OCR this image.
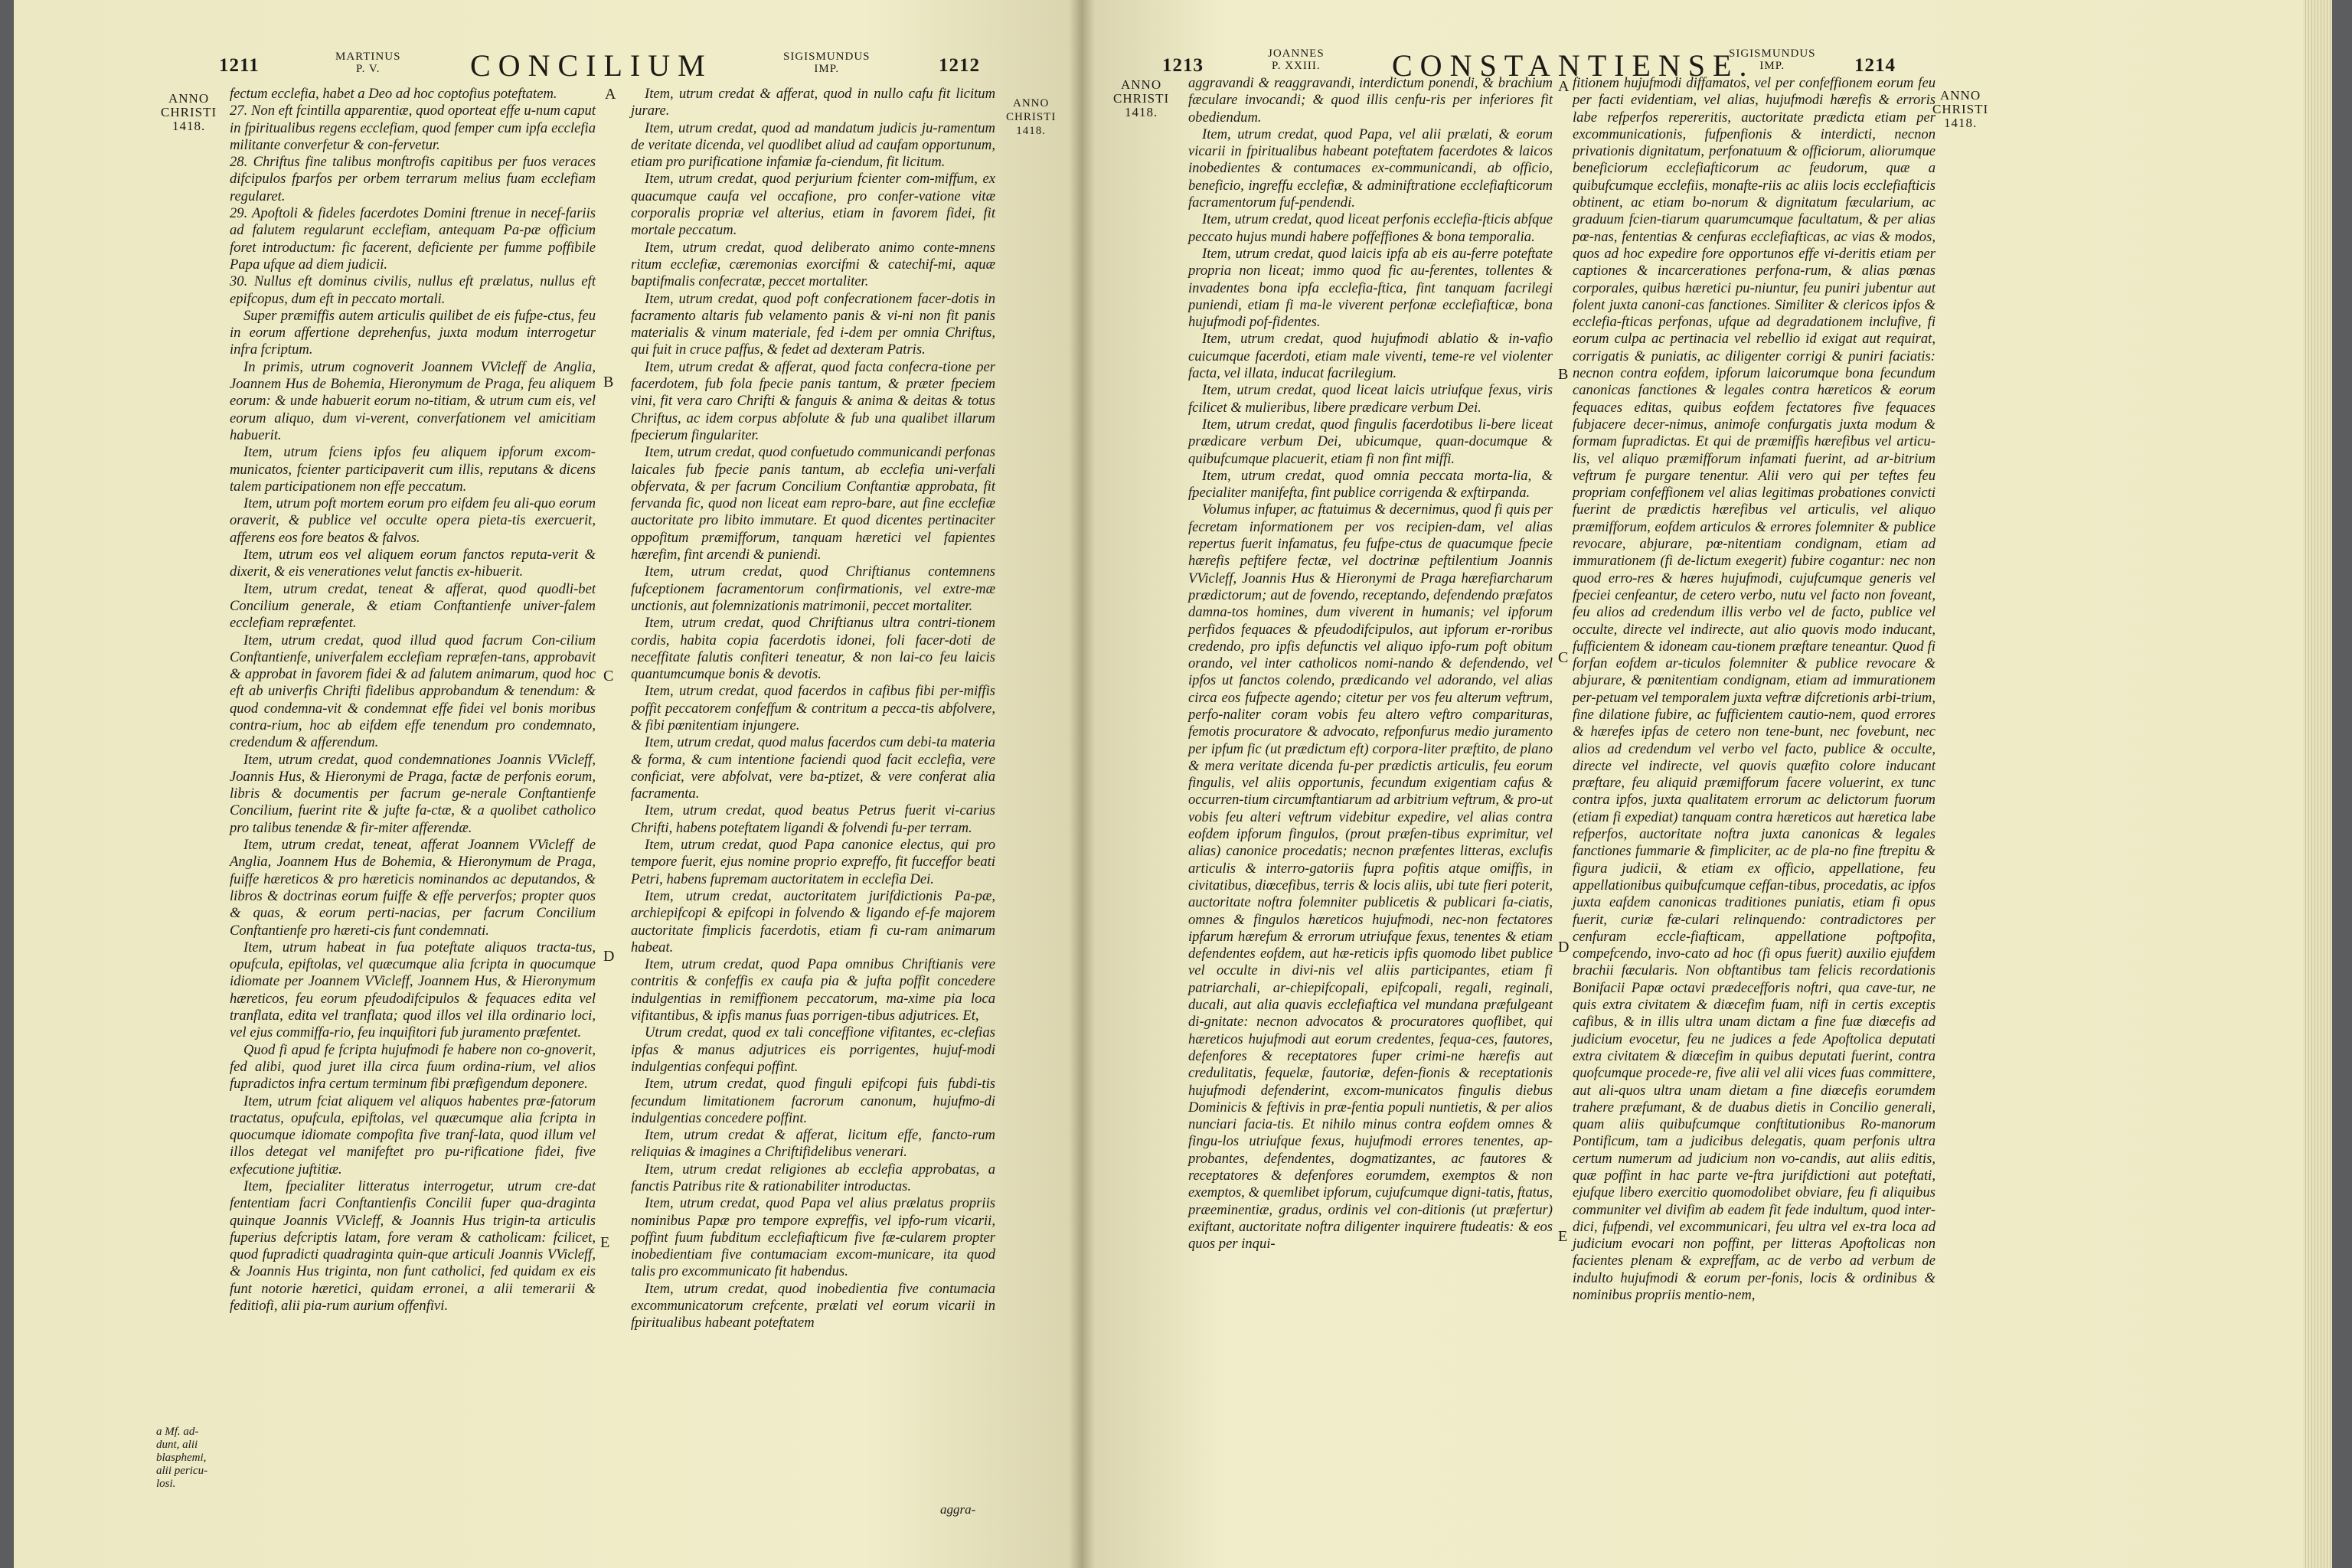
1211	MARTINUS
P. V.	CONCILIUM	SIGISMUNDUS
IMP.	1212
ANNO
CHRISTI
1418.
ANNO
CHRISTI
1418.

fectum ecclefia, habet a Deo ad hoc coptofius poteftatem.

27. Non eft fcintilla apparentiæ, quod oporteat effe u-num caput in fpiritualibus regens ecclefiam, quod femper cum ipfa ecclefia militante converfetur & con-fervetur.

28. Chriftus fine talibus monftrofis capitibus per fuos veraces difcipulos fparfos per orbem terrarum melius fuam ecclefiam regularet.

29. Apoftoli & fideles facerdotes Domini ftrenue in necef-fariis ad falutem regularunt ecclefiam, antequam Pa-pæ officium foret introductum: fic facerent, deficiente per fumme poffibile Papa ufque ad diem judicii.

30. Nullus eft dominus civilis, nullus eft prælatus, nullus eft epifcopus, dum eft in peccato mortali.

Super præmiffis autem articulis quilibet de eis fufpe-ctus, feu in eorum affertione deprehenfus, juxta modum interrogetur infra fcriptum.

In primis, utrum cognoverit Joannem VVicleff de Anglia, Joannem Hus de Bohemia, Hieronymum de Praga, feu aliquem eorum: & unde habuerit eorum no-titiam, & utrum cum eis, vel eorum aliquo, dum vi-verent, converfationem vel amicitiam habuerit.

Item, utrum fciens ipfos feu aliquem ipforum excom-municatos, fcienter participaverit cum illis, reputans & dicens talem participationem non effe peccatum.

Item, utrum poft mortem eorum pro eifdem feu ali-quo eorum oraverit, & publice vel occulte opera pieta-tis exercuerit, afferens eos fore beatos & falvos.

Item, utrum eos vel aliquem eorum fanctos reputa-verit & dixerit, & eis venerationes velut fanctis ex-hibuerit.

Item, utrum credat, teneat & afferat, quod quodli-bet Concilium generale, & etiam Conftantienfe univer-falem ecclefiam repræfentet.

Item, utrum credat, quod illud quod facrum Con-cilium Conftantienfe, univerfalem ecclefiam repræfen-tans, approbavit & approbat in favorem fidei & ad falutem animarum, quod hoc eft ab univerfis Chrifti fidelibus approbandum & tenendum: & quod condemna-vit & condemnat effe fidei vel bonis moribus contra-rium, hoc ab eifdem effe tenendum pro condemnato, credendum & afferendum.

Item, utrum credat, quod condemnationes Joannis VVicleff, Joannis Hus, & Hieronymi de Praga, factæ de perfonis eorum, libris & documentis per facrum ge-nerale Conftantienfe Concilium, fuerint rite & jufte fa-ctæ, & a quolibet catholico pro talibus tenendæ & fir-miter afferendæ.

Item, utrum credat, teneat, afferat Joannem VVicleff de Anglia, Joannem Hus de Bohemia, & Hieronymum de Praga, fuiffe hæreticos & pro hæreticis nominandos ac deputandos, & libros & doctrinas eorum fuiffe & effe perverfos; propter quos & quas, & eorum perti-nacias, per facrum Concilium Conftantienfe pro hæreti-cis funt condemnati.

Item, utrum habeat in fua poteftate aliquos tracta-tus, opufcula, epiftolas, vel quæcumque alia fcripta in quocumque idiomate per Joannem VVicleff, Joannem Hus, & Hieronymum hæreticos, feu eorum pfeudodifcipulos & fequaces edita vel tranflata, edita vel tranflata; quod illos vel illa ordinario loci, vel ejus commiffa-rio, feu inquifitori fub juramento præfentet.

Quod fi apud fe fcripta hujufmodi fe habere non co-gnoverit, fed alibi, quod juret illa circa fuum ordina-rium, vel alios fupradictos infra certum terminum fibi præfigendum deponere.

Item, utrum fciat aliquem vel aliquos habentes præ-fatorum tractatus, opufcula, epiftolas, vel quæcumque alia fcripta in quocumque idiomate compofita five tranf-lata, quod illum vel illos detegat vel manifeftet pro pu-rificatione fidei, five exfecutione juftitiæ.

Item, fpecialiter litteratus interrogetur, utrum cre-dat fententiam facri Conftantienfis Concilii fuper qua-draginta quinque Joannis VVicleff, & Joannis Hus trigin-ta articulis fuperius defcriptis latam, fore veram & catholicam: fcilicet, quod fupradicti quadraginta quin-que articuli Joannis VVicleff, & Joannis Hus triginta, non funt catholici, fed quidam ex eis funt notorie hæretici, quidam erronei, a alii temerarii & feditiofi, alii pia-rum aurium offenfivi.

A
B
C
D
E

Item, utrum credat & afferat, quod in nullo cafu fit licitum jurare.

Item, utrum credat, quod ad mandatum judicis ju-ramentum de veritate dicenda, vel quodlibet aliud ad caufam opportunum, etiam pro purificatione infamiæ fa-ciendum, fit licitum.

Item, utrum credat, quod perjurium fcienter com-miffum, ex quacumque caufa vel occafione, pro confer-vatione vitæ corporalis propriæ vel alterius, etiam in favorem fidei, fit mortale peccatum.

Item, utrum credat, quod deliberato animo conte-mnens ritum ecclefiæ, cæremonias exorcifmi & catechif-mi, aquæ baptifmalis confecratæ, peccet mortaliter.

Item, utrum credat, quod poft confecrationem facer-dotis in facramento altaris fub velamento panis & vi-ni non fit panis materialis & vinum materiale, fed i-dem per omnia Chriftus, qui fuit in cruce paffus, & fedet ad dexteram Patris.

Item, utrum credat & afferat, quod facta confecra-tione per facerdotem, fub fola fpecie panis tantum, & præter fpeciem vini, fit vera caro Chrifti & fanguis & anima & deitas & totus Chriftus, ac idem corpus abfolute & fub una qualibet illarum fpecierum fingulariter.

Item, utrum credat, quod confuetudo communicandi perfonas laicales fub fpecie panis tantum, ab ecclefia uni-verfali obfervata, & per facrum Concilium Conftantiæ approbata, fit fervanda fic, quod non liceat eam repro-bare, aut fine ecclefiæ auctoritate pro libito immutare. Et quod dicentes pertinaciter oppofitum præmifforum, tanquam hæretici vel fapientes hærefim, fint arcendi & puniendi.

Item, utrum credat, quod Chriftianus contemnens fufceptionem facramentorum confirmationis, vel extre-mæ unctionis, aut folemnizationis matrimonii, peccet mortaliter.

Item, utrum credat, quod Chriftianus ultra contri-tionem cordis, habita copia facerdotis idonei, foli facer-doti de neceffitate falutis confiteri teneatur, & non lai-co feu laicis quantumcumque bonis & devotis.

Item, utrum credat, quod facerdos in cafibus fibi per-miffis poffit peccatorem confeffum & contritum a pecca-tis abfolvere, & fibi pœnitentiam injungere.

Item, utrum credat, quod malus facerdos cum debi-ta materia & forma, & cum intentione faciendi quod facit ecclefia, vere conficiat, vere abfolvat, vere ba-ptizet, & vere conferat alia facramenta.

Item, utrum credat, quod beatus Petrus fuerit vi-carius Chrifti, habens poteftatem ligandi & folvendi fu-per terram.

Item, utrum credat, quod Papa canonice electus, qui pro tempore fuerit, ejus nomine proprio expreffo, fit fucceffor beati Petri, habens fupremam auctoritatem in ecclefia Dei.

Item, utrum credat, auctoritatem jurifdictionis Pa-pæ, archiepifcopi & epifcopi in folvendo & ligando ef-fe majorem auctoritate fimplicis facerdotis, etiam fi cu-ram animarum habeat.

Item, utrum credat, quod Papa omnibus Chriftianis vere contritis & confeffis ex caufa pia & jufta poffit concedere indulgentias in remiffionem peccatorum, ma-xime pia loca vifitantibus, & ipfis manus fuas porrigen-tibus adjutrices. Et,

Utrum credat, quod ex tali conceffione vifitantes, ec-clefias ipfas & manus adjutrices eis porrigentes, hujuf-modi indulgentias confequi poffint.

Item, utrum credat, quod finguli epifcopi fuis fubdi-tis fecundum limitationem facrorum canonum, hujufmo-di indulgentias concedere poffint.

Item, utrum credat & afferat, licitum effe, fancto-rum reliquias & imagines a Chriftifidelibus venerari.

Item, utrum credat religiones ab ecclefia approbatas, a fanctis Patribus rite & rationabiliter introductas.

Item, utrum credat, quod Papa vel alius prælatus propriis nominibus Papæ pro tempore expreffis, vel ipfo-rum vicarii, poffint fuum fubditum ecclefiafticum five fæ-cularem propter inobedientiam five contumaciam excom-municare, ita quod talis pro excommunicato fit habendus.

Item, utrum credat, quod inobedientia five contumacia excommunicatorum crefcente, prælati vel eorum vicarii in fpiritualibus habeant poteftatem

a Mf. ad-
dunt, alii
blasphemi,
alii pericu-
losi.
aggra-
1213
JOANNES
P. XXIII. CONSTANTIENSE.
SIGISMUNDUS
IMP.	1214
ANNO
CHRISTI
1418.
ANNO
CHRISTI
1418.

aggravandi & reaggravandi, interdictum ponendi, & brachium fæculare invocandi; & quod illis cenfu-ris per inferiores fit obediendum.

Item, utrum credat, quod Papa, vel alii prælati, & eorum vicarii in fpiritualibus habeant poteftatem facerdotes & laicos inobedientes & contumaces ex-communicandi, ab officio, beneficio, ingreffu ecclefiæ, & adminiftratione ecclefiafticorum facramentorum fuf-pendendi.

Item, utrum credat, quod liceat perfonis ecclefia-fticis abfque peccato hujus mundi habere poffeffiones & bona temporalia.

Item, utrum credat, quod laicis ipfa ab eis au-ferre poteftate propria non liceat; immo quod fic au-ferentes, tollentes & invadentes bona ipfa ecclefia-ftica, fint tanquam facrilegi puniendi, etiam fi ma-le viverent perfonæ ecclefiafticæ, bona hujufmodi pof-fidentes.

Item, utrum credat, quod hujufmodi ablatio & in-vafio cuicumque facerdoti, etiam male viventi, teme-re vel violenter facta, vel illata, inducat facrilegium.

Item, utrum credat, quod liceat laicis utriufque fexus, viris fcilicet & mulieribus, libere prædicare verbum Dei.

Item, utrum credat, quod fingulis facerdotibus li-bere liceat prædicare verbum Dei, ubicumque, quan-documque & quibufcumque placuerit, etiam fi non fint miffi.

Item, utrum credat, quod omnia peccata morta-lia, & fpecialiter manifefta, fint publice corrigenda & exftirpanda.

Volumus infuper, ac ftatuimus & decernimus, quod fi quis per fecretam informationem per vos recipien-dam, vel alias repertus fuerit infamatus, feu fufpe-ctus de quacumque fpecie hærefis peftifere fectæ, vel doctrinæ peftilentium Joannis VVicleff, Joannis Hus & Hieronymi de Praga hærefiarcharum prædictorum; aut de fovendo, receptando, defendendo præfatos damna-tos homines, dum viverent in humanis; vel ipforum perfidos fequaces & pfeudodifcipulos, aut ipforum er-roribus credendo, pro ipfis defunctis vel aliquo ipfo-rum poft obitum orando, vel inter catholicos nomi-nando & defendendo, vel ipfos ut fanctos colendo, prædicando vel adorando, vel alias circa eos fufpecte agendo; citetur per vos feu alterum veftrum, perfo-naliter coram vobis feu altero veftro comparituras, femotis procuratore & advocato, refponfurus medio juramento per ipfum fic (ut prædictum eft) corpora-liter præftito, de plano & mera veritate dicenda fu-per prædictis articulis, feu eorum fingulis, vel aliis opportunis, fecundum exigentiam cafus & occurren-tium circumftantiarum ad arbitrium veftrum, & pro-ut vobis feu alteri veftrum videbitur expedire, vel alias contra eofdem ipforum fingulos, (prout præfen-tibus exprimitur, vel alias) canonice procedatis; necnon præfentes litteras, exclufis articulis & interro-gatoriis fupra pofitis atque omiffis, in civitatibus, diœcefibus, terris & locis aliis, ubi tute fieri poterit, auctoritate noftra folemniter publicetis & publicari fa-ciatis, omnes & fingulos hæreticos hujufmodi, nec-non fectatores ipfarum hærefum & errorum utriufque fexus, tenentes & etiam defendentes eofdem, aut hæ-reticis ipfis quomodo libet publice vel occulte in divi-nis vel aliis participantes, etiam fi patriarchali, ar-chiepifcopali, epifcopali, regali, reginali, ducali, aut alia quavis ecclefiaftica vel mundana præfulgeant di-gnitate: necnon advocatos & procuratores quoflibet, qui hæreticos hujufmodi aut eorum credentes, fequa-ces, fautores, defenfores & receptatores fuper crimi-ne hærefis aut credulitatis, fequelæ, fautoriæ, defen-fionis & receptationis hujufmodi defenderint, excom-municatos fingulis diebus Dominicis & feftivis in præ-fentia populi nuntietis, & per alios nunciari facia-tis. Et nihilo minus contra eofdem omnes & fingu-los utriufque fexus, hujufmodi errores tenentes, ap-probantes, defendentes, dogmatizantes, ac fautores & receptatores & defenfores eorumdem, exemptos & non exemptos, & quemlibet ipforum, cujufcumque digni-tatis, ftatus, præeminentiæ, gradus, ordinis vel con-ditionis (ut præfertur) exiftant, auctoritate noftra diligenter inquirere ftudeatis: & eos quos per inqui-

A
B
C
D
E

fitionem hujufmodi diffamatos, vel per confeffionem eorum feu per facti evidentiam, vel alias, hujufmodi hærefis & erroris labe refperfos repereritis, auctoritate prædicta etiam per excommunicationis, fufpenfionis & interdicti, necnon privationis dignitatum, perfonatuum & officiorum, aliorumque beneficiorum ecclefiafticorum ac feudorum, quæ a quibufcumque ecclefiis, monafte-riis ac aliis locis ecclefiafticis obtinent, ac etiam bo-norum & dignitatum fæcularium, ac graduum fcien-tiarum quarumcumque facultatum, & per alias pœ-nas, fententias & cenfuras ecclefiafticas, ac vias & modos, quos ad hoc expedire fore opportunos effe vi-deritis etiam per captiones & incarcerationes perfona-rum, & alias pœnas corporales, quibus hæretici pu-niuntur, feu puniri jubentur aut folent juxta canoni-cas fanctiones. Similiter & clericos ipfos & ecclefia-fticas perfonas, ufque ad degradationem inclufive, fi eorum culpa ac pertinacia vel rebellio id exigat aut requirat, corrigatis & puniatis, ac diligenter corrigi & puniri faciatis: necnon contra eofdem, ipforum laicorumque bona fecundum canonicas fanctiones & legales contra hæreticos & eorum fequaces editas, quibus eofdem fectatores five fequaces fubjacere decer-nimus, animofe confurgatis juxta modum & formam fupradictas. Et qui de præmiffis hærefibus vel articu-lis, vel aliquo præmifforum infamati fuerint, ad ar-bitrium veftrum fe purgare tenentur. Alii vero qui per teftes feu propriam confeffionem vel alias legitimas probationes convicti fuerint de prædictis hærefibus vel articulis, vel aliquo præmifforum, eofdem articulos & errores folemniter & publice revocare, abjurare, pœ-nitentiam condignam, etiam ad immurationem (fi de-lictum exegerit) fubire cogantur: nec non quod erro-res & hæres hujufmodi, cujufcumque generis vel fpeciei cenfeantur, de cetero verbo, nutu vel facto non foveant, feu alios ad credendum illis verbo vel de facto, publice vel occulte, directe vel indirecte, aut alio quovis modo inducant, fufficientem & idoneam cau-tionem præftare teneantur. Quod fi forfan eofdem ar-ticulos folemniter & publice revocare & abjurare, & pœnitentiam condignam, etiam ad immurationem per-petuam vel temporalem juxta veftræ difcretionis arbi-trium, fine dilatione fubire, ac fufficientem cautio-nem, quod errores & hærefes ipfas de cetero non tene-bunt, nec fovebunt, nec alios ad credendum vel verbo vel facto, publice & occulte, directe vel indirecte, vel quovis quæfito colore inducant præftare, feu aliquid præmifforum facere voluerint, ex tunc contra ipfos, juxta qualitatem errorum ac delictorum fuorum (etiam fi expediat) tanquam contra hæreticos aut hæretica labe refperfos, auctoritate noftra juxta canonicas & legales fanctiones fummarie & fimpliciter, ac de pla-no fine ftrepitu & figura judicii, & etiam ex officio, appellatione, feu appellationibus quibufcumque ceffan-tibus, procedatis, ac ipfos juxta eafdem canonicas traditiones puniatis, etiam fi opus fuerit, curiæ fæ-culari relinquendo: contradictores per cenfuram eccle-fiafticam, appellatione poftpofita, compefcendo, invo-cato ad hoc (fi opus fuerit) auxilio ejufdem brachii fæcularis. Non obftantibus tam felicis recordationis Bonifacii Papæ octavi prædecefforis noftri, qua cave-tur, ne quis extra civitatem & diœcefim fuam, nifi in certis exceptis cafibus, & in illis ultra unam dictam a fine fuæ diœcefis ad judicium evocetur, feu ne judices a fede Apoftolica deputati extra civitatem & diœcefim in quibus deputati fuerint, contra quofcumque procede-re, five alii vel alii vices fuas committere, aut ali-quos ultra unam dietam a fine diœcefis eorumdem trahere præfumant, & de duabus dietis in Concilio generali, quam aliis quibufcumque conftitutionibus Ro-manorum Pontificum, tam a judicibus delegatis, quam perfonis ultra certum numerum ad judicium non vo-candis, aut aliis editis, quæ poffint in hac parte ve-ftra jurifdictioni aut poteftati, ejufque libero exercitio quomodolibet obviare, feu fi aliquibus communiter vel divifim ab eadem fit fede indultum, quod inter-dici, fufpendi, vel excommunicari, feu ultra vel ex-tra loca ad judicium evocari non poffint, per litteras Apoftolicas non facientes plenam & expreffam, ac de verbo ad verbum de indulto hujufmodi & eorum per-fonis, locis & ordinibus & nominibus propriis mentio-nem,
